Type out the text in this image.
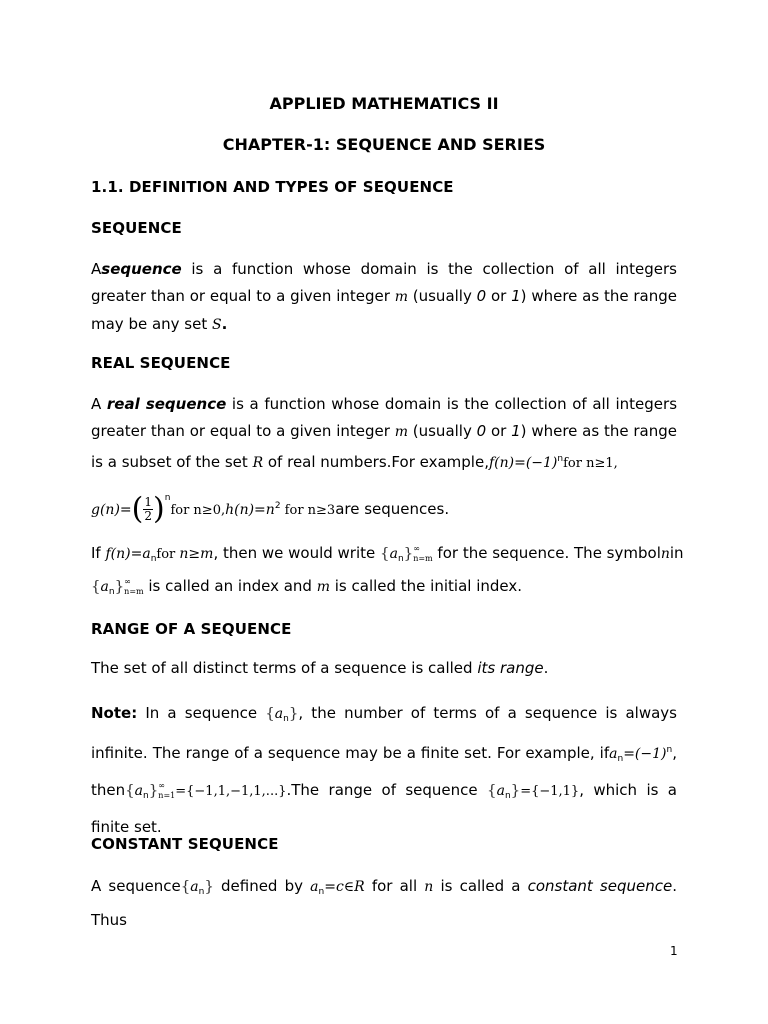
APPLIED MATHEMATICS II
CHAPTER-1: SEQUENCE AND SERIES
1.1. DEFINITION AND TYPES OF SEQUENCE
SEQUENCE

Asequence is a function whose domain is the collection of all integers greater than or equal to a given integer m (usually 0 or 1) where as the range may be any set S.

REAL SEQUENCE

A real sequence is a function whose domain is the collection of all integers greater than or equal to a given integer m (usually 0 or 1) where as the range is a subset of the set R of real numbers.For $example,f(n)=(-1)^nfor$ n≥1,

$g(n)=( \frac{1}{2} )^nfor$ $n\ge 0,h(n)=n^2$ for n≥3are sequences.
If $f(n)=a_nfor$ n≥m, then we would write $\{a_n\}$ ∞
n=m for the sequence. The symbolnin
$\{a_n\}$ ∞
n=m is called an index and m is called the initial index.
RANGE OF A SEQUENCE

The set of all distinct terms of a sequence is called its range.

Note: In a sequence $\{a_n\}$, the number of terms of a sequence is always infinite. The range of a sequence may be a finite set. For example, $ifa_n=(-1)^n$, $then\{a_n\}$ ∞
n=1 ={−1,1,−1,1,...}.The range of sequence $\{a_n\}=\{-1,1\}$, which is a finite set.
CONSTANT SEQUENCE
A $sequence\{a_n\}$ defined by $a_n=c\in R$ for all n is called a constant sequence. Thus
1
